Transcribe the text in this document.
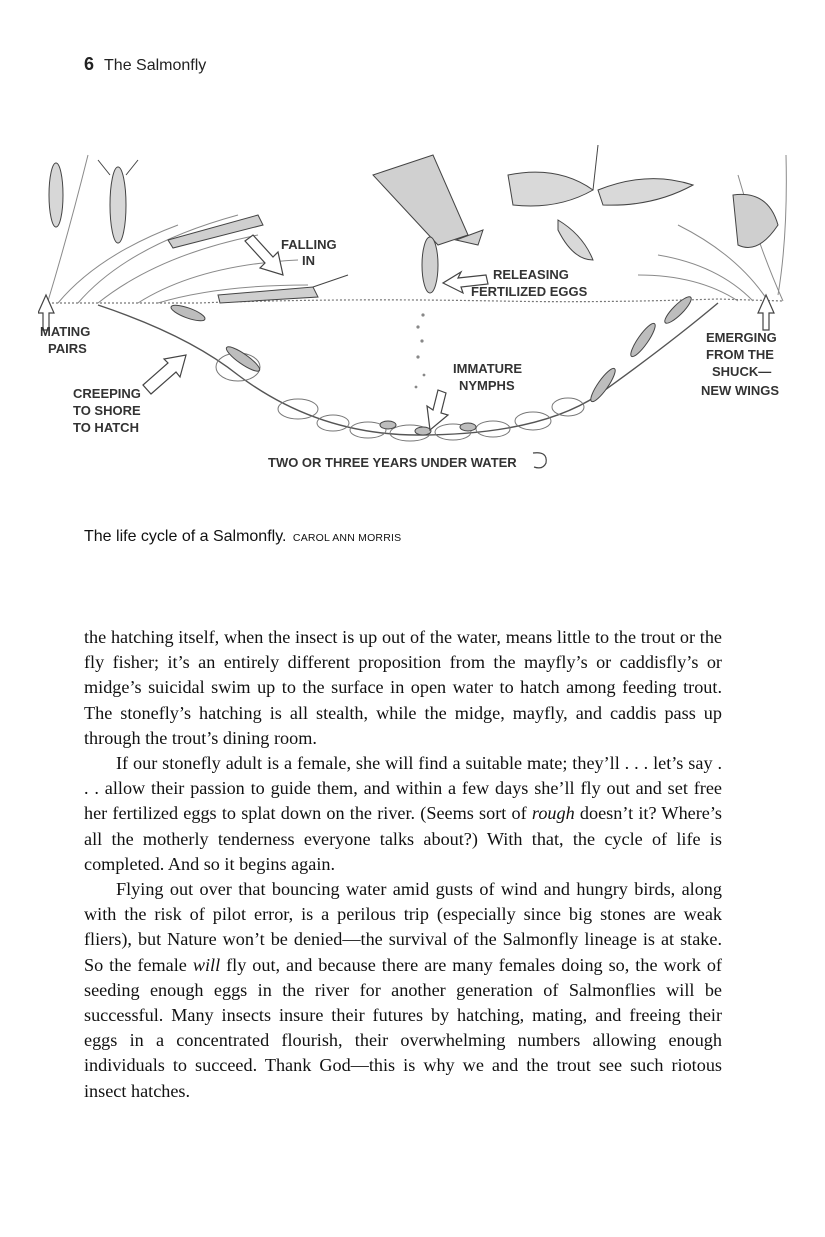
6 The Salmonfly
FALLING
IN
RELEASING
FERTILIZED EGGS
MATING
PAIRS
EMERGING
FROM THE
SHUCK—
NEW WINGS
IMMATURE
NYMPHS
CREEPING
TO SHORE
TO HATCH
TWO OR THREE YEARS UNDER WATER
The life cycle of a Salmonfly. CAROL ANN MORRIS

the hatching itself, when the insect is up out of the water, means little to the trout or the fly fisher; it’s an entirely different proposition from the mayfly’s or caddisfly’s or midge’s suicidal swim up to the surface in open water to hatch among feeding trout. The stonefly’s hatching is all stealth, while the midge, mayfly, and caddis pass up through the trout’s dining room.

If our stonefly adult is a female, she will find a suitable mate; they’ll . . . let’s say . . . allow their passion to guide them, and within a few days she’ll fly out and set free her fertilized eggs to splat down on the river. (Seems sort of rough doesn’t it? Where’s all the motherly tenderness everyone talks about?) With that, the cycle of life is completed. And so it begins again.

Flying out over that bouncing water amid gusts of wind and hungry birds, along with the risk of pilot error, is a perilous trip (especially since big stones are weak fliers), but Nature won’t be denied—the survival of the Salmonfly lineage is at stake. So the female will fly out, and because there are many females doing so, the work of seeding enough eggs in the river for another generation of Salmonflies will be successful. Many insects insure their futures by hatching, mating, and freeing their eggs in a concentrated flourish, their overwhelming numbers allowing enough individuals to succeed. Thank God—this is why we and the trout see such riotous insect hatches.
